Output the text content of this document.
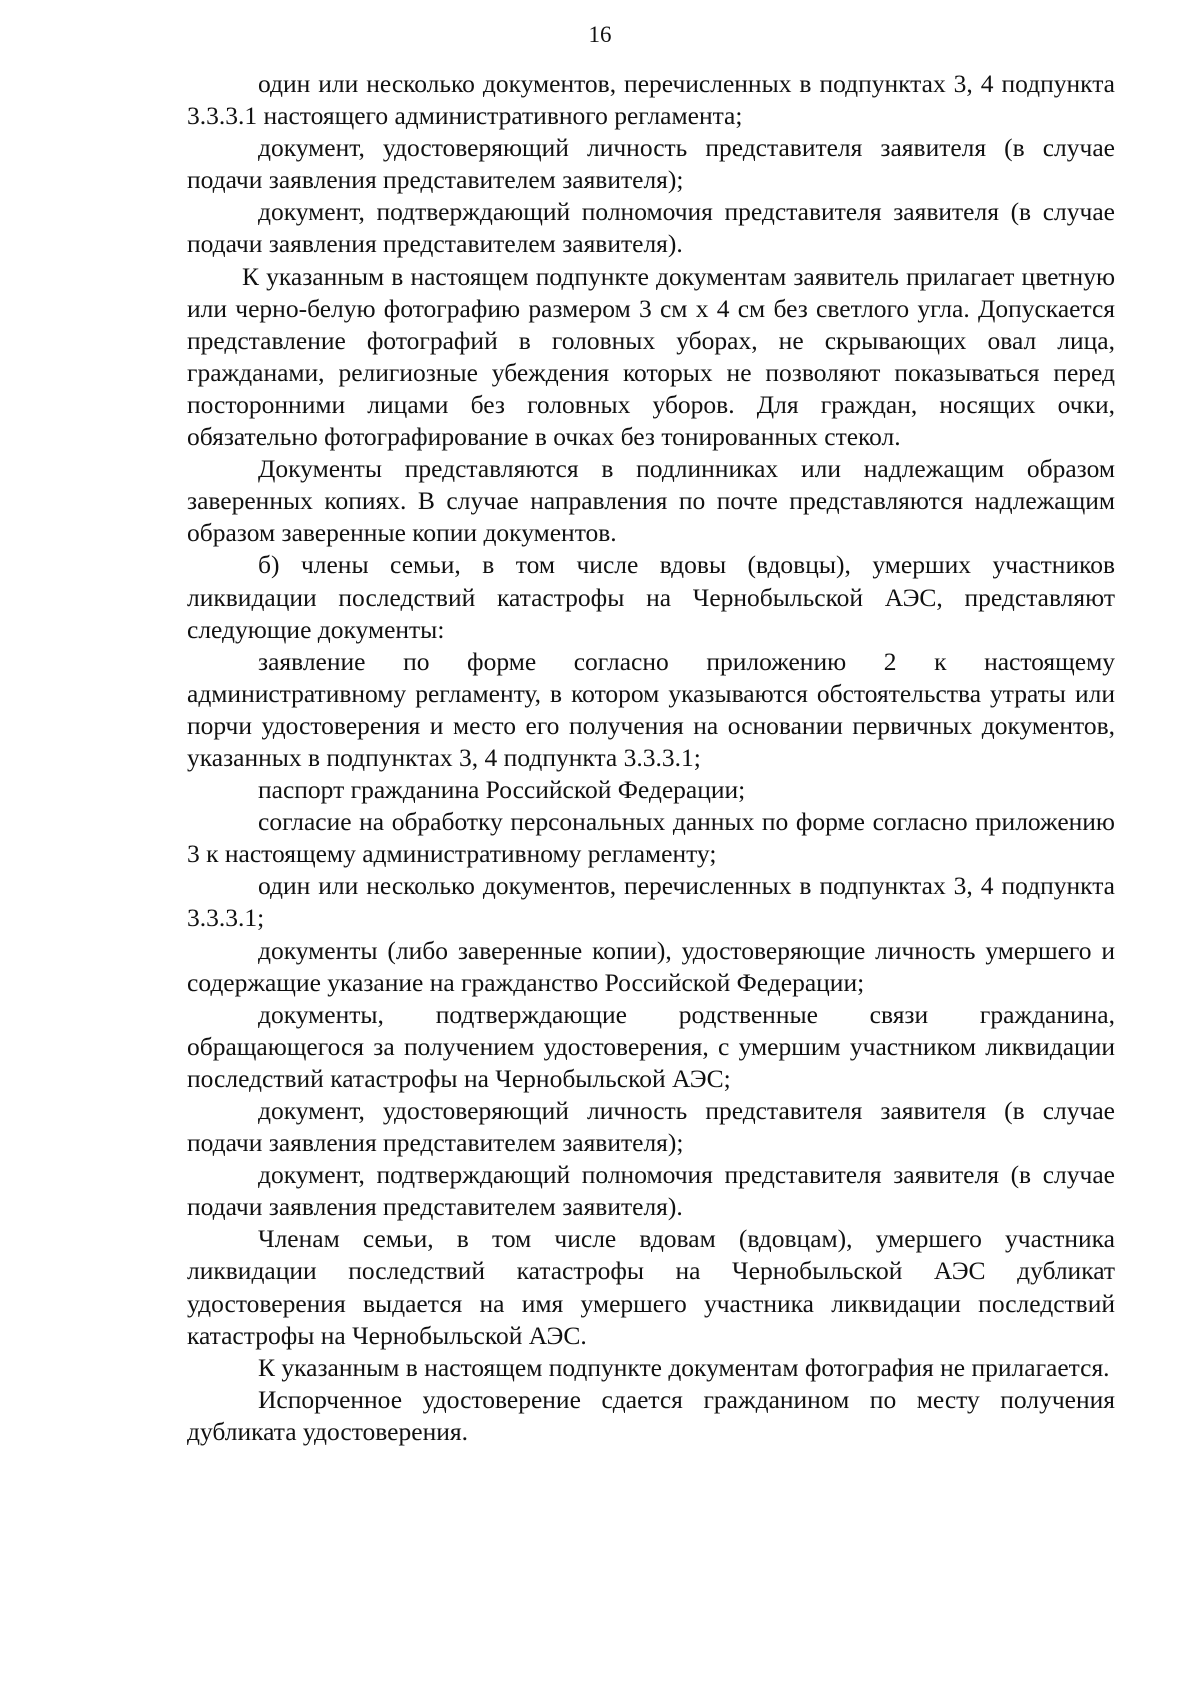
16

один или несколько документов, перечисленных в подпунктах 3, 4 подпункта 3.3.3.1 настоящего административного регламента;

документ, удостоверяющий личность представителя заявителя (в случае подачи заявления представителем заявителя);

документ, подтверждающий полномочия представителя заявителя (в случае подачи заявления представителем заявителя).

К указанным в настоящем подпункте документам заявитель прилагает цветную или черно-белую фотографию размером 3 см х 4 см без светлого угла. Допускается представление фотографий в головных уборах, не скрывающих овал лица, гражданами, религиозные убеждения которых не позволяют показываться перед посторонними лицами без головных уборов. Для граждан, носящих очки, обязательно фотографирование в очках без тонированных стекол.

Документы представляются в подлинниках или надлежащим образом заверенных копиях. В случае направления по почте представляются надлежащим образом заверенные копии документов.

б) члены семьи, в том числе вдовы (вдовцы), умерших участников ликвидации последствий катастрофы на Чернобыльской АЭС, представляют следующие документы:

заявление по форме согласно приложению 2 к настоящему административному регламенту, в котором указываются обстоятельства утраты или порчи удостоверения и место его получения на основании первичных документов, указанных в подпунктах 3, 4 подпункта 3.3.3.1;

паспорт гражданина Российской Федерации;

согласие на обработку персональных данных по форме согласно приложению 3 к настоящему административному регламенту;

один или несколько документов, перечисленных в подпунктах 3, 4 подпункта 3.3.3.1;

документы (либо заверенные копии), удостоверяющие личность умершего и содержащие указание на гражданство Российской Федерации;

документы, подтверждающие родственные связи гражданина, обращающегося за получением удостоверения, с умершим участником ликвидации последствий катастрофы на Чернобыльской АЭС;

документ, удостоверяющий личность представителя заявителя (в случае подачи заявления представителем заявителя);

документ, подтверждающий полномочия представителя заявителя (в случае подачи заявления представителем заявителя).

Членам семьи, в том числе вдовам (вдовцам), умершего участника ликвидации последствий катастрофы на Чернобыльской АЭС дубликат удостоверения выдается на имя умершего участника ликвидации последствий катастрофы на Чернобыльской АЭС.

К указанным в настоящем подпункте документам фотография не прилагается.

Испорченное удостоверение сдается гражданином по месту получения дубликата удостоверения.
